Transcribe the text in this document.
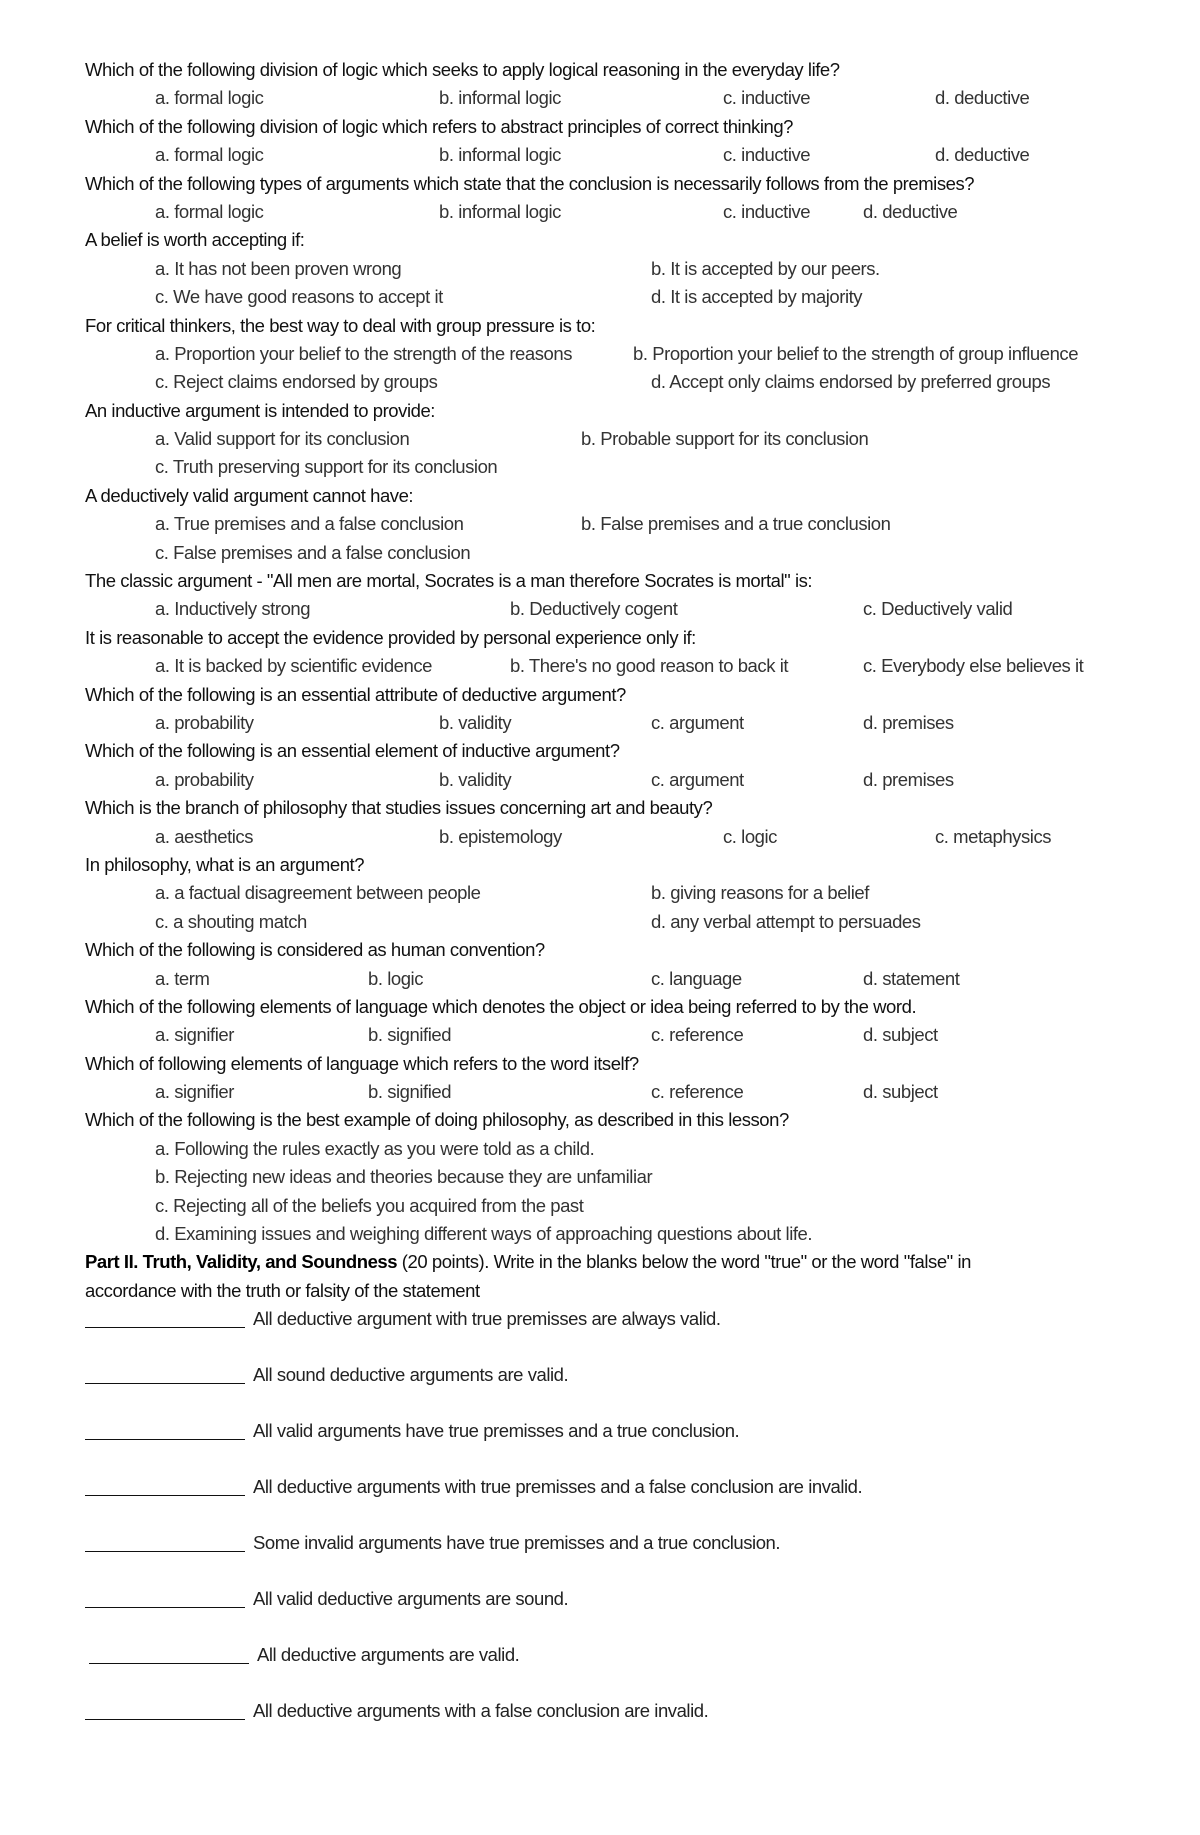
Which of the following division of logic which seeks to apply logical reasoning in the everyday life?
a. formal logic	b. informal logic	c. inductive	d. deductive
Which of the following division of logic which refers to abstract principles of correct thinking?
a. formal logic	b. informal logic	c. inductive	d. deductive
Which of the following types of arguments which state that the conclusion is necessarily follows from the premises?
a. formal logic	b. informal logic	c. inductive	d. deductive
A belief is worth accepting if:
a. It has not been proven wrong	b. It is accepted by our peers.
c. We have good reasons to accept it	d. It is accepted by majority
For critical thinkers, the best way to deal with group pressure is to:
a. Proportion your belief to the strength of the reasons	b. Proportion your belief to the strength of group influence
c. Reject claims endorsed by groups	d. Accept only claims endorsed by preferred groups
An inductive argument is intended to provide:
a. Valid support for its conclusion	b. Probable support for its conclusion
c. Truth preserving support for its conclusion
A deductively valid argument cannot have:
a. True premises and a false conclusion	b. False premises and a true conclusion
c. False premises and a false conclusion
The classic argument - "All men are mortal, Socrates is a man therefore Socrates is mortal" is:
a. Inductively strong	b. Deductively cogent	c. Deductively valid
It is reasonable to accept the evidence provided by personal experience only if:
a. It is backed by scientific evidence	b. There's no good reason to back it	c. Everybody else believes it
Which of the following is an essential attribute of deductive argument?
a. probability	b. validity	c. argument	d. premises
Which of the following is an essential element of inductive argument?
a. probability	b. validity	c. argument	d. premises
Which is the branch of philosophy that studies issues concerning art and beauty?
a. aesthetics	b. epistemology	c. logic	c. metaphysics
In philosophy, what is an argument?
a. a factual disagreement between people	b. giving reasons for a belief
c. a shouting match	d. any verbal attempt to persuades
Which of the following is considered as human convention?
a. term	b. logic	c. language	d. statement
Which of the following elements of language which denotes the object or idea being referred to by the word.
a. signifier	b. signified	c. reference	d. subject
Which of following elements of language which refers to the word itself?
a. signifier	b. signified	c. reference	d. subject
Which of the following is the best example of doing philosophy, as described in this lesson?
a. Following the rules exactly as you were told as a child.
b. Rejecting new ideas and theories because they are unfamiliar
c. Rejecting all of the beliefs you acquired from the past
d. Examining issues and weighing different ways of approaching questions about life.
Part II. Truth, Validity, and Soundness (20 points). Write in the blanks below the word "true" or the word "false" in
accordance with the truth or falsity of the statement
All deductive argument with true premisses are always valid.
All sound deductive arguments are valid.
All valid arguments have true premisses and a true conclusion.
All deductive arguments with true premisses and a false conclusion are invalid.
Some invalid arguments have true premisses and a true conclusion.
All valid deductive arguments are sound.
All deductive arguments are valid.
All deductive arguments with a false conclusion are invalid.
